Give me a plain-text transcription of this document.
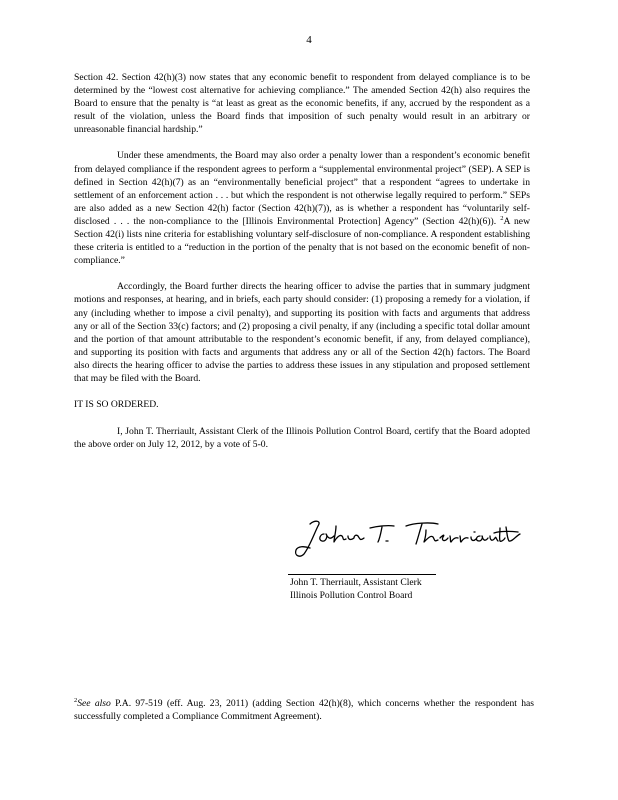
4

Section 42. Section 42(h)(3) now states that any economic benefit to respondent from delayed compliance is to be determined by the “lowest cost alternative for achieving compliance.” The amended Section 42(h) also requires the Board to ensure that the penalty is “at least as great as the economic benefits, if any, accrued by the respondent as a result of the violation, unless the Board finds that imposition of such penalty would result in an arbitrary or unreasonable financial hardship.”

Under these amendments, the Board may also order a penalty lower than a respondent’s economic benefit from delayed compliance if the respondent agrees to perform a “supplemental environmental project” (SEP). A SEP is defined in Section 42(h)(7) as an “environmentally beneficial project” that a respondent “agrees to undertake in settlement of an enforcement action . . . but which the respondent is not otherwise legally required to perform.” SEPs are also added as a new Section 42(h) factor (Section 42(h)(7)), as is whether a respondent has “voluntarily self-disclosed . . . the non-compliance to the [Illinois Environmental Protection] Agency” (Section 42(h)(6)). $^2$A new Section 42(i) lists nine criteria for establishing voluntary self-disclosure of non-compliance. A respondent establishing these criteria is entitled to a “reduction in the portion of the penalty that is not based on the economic benefit of non-compliance.”

Accordingly, the Board further directs the hearing officer to advise the parties that in summary judgment motions and responses, at hearing, and in briefs, each party should consider: (1) proposing a remedy for a violation, if any (including whether to impose a civil penalty), and supporting its position with facts and arguments that address any or all of the Section 33(c) factors; and (2) proposing a civil penalty, if any (including a specific total dollar amount and the portion of that amount attributable to the respondent’s economic benefit, if any, from delayed compliance), and supporting its position with facts and arguments that address any or all of the Section 42(h) factors. The Board also directs the hearing officer to advise the parties to address these issues in any stipulation and proposed settlement that may be filed with the Board.

IT IS SO ORDERED.

I, John T. Therriault, Assistant Clerk of the Illinois Pollution Control Board, certify that the Board adopted the above order on July 12, 2012, by a vote of 5-0.

John T. Therriault, Assistant Clerk
Illinois Pollution Control Board
$^2$See also P.A. 97-519 (eff. Aug. 23, 2011) (adding Section 42(h)(8), which concerns whether the respondent has successfully completed a Compliance Commitment Agreement).
